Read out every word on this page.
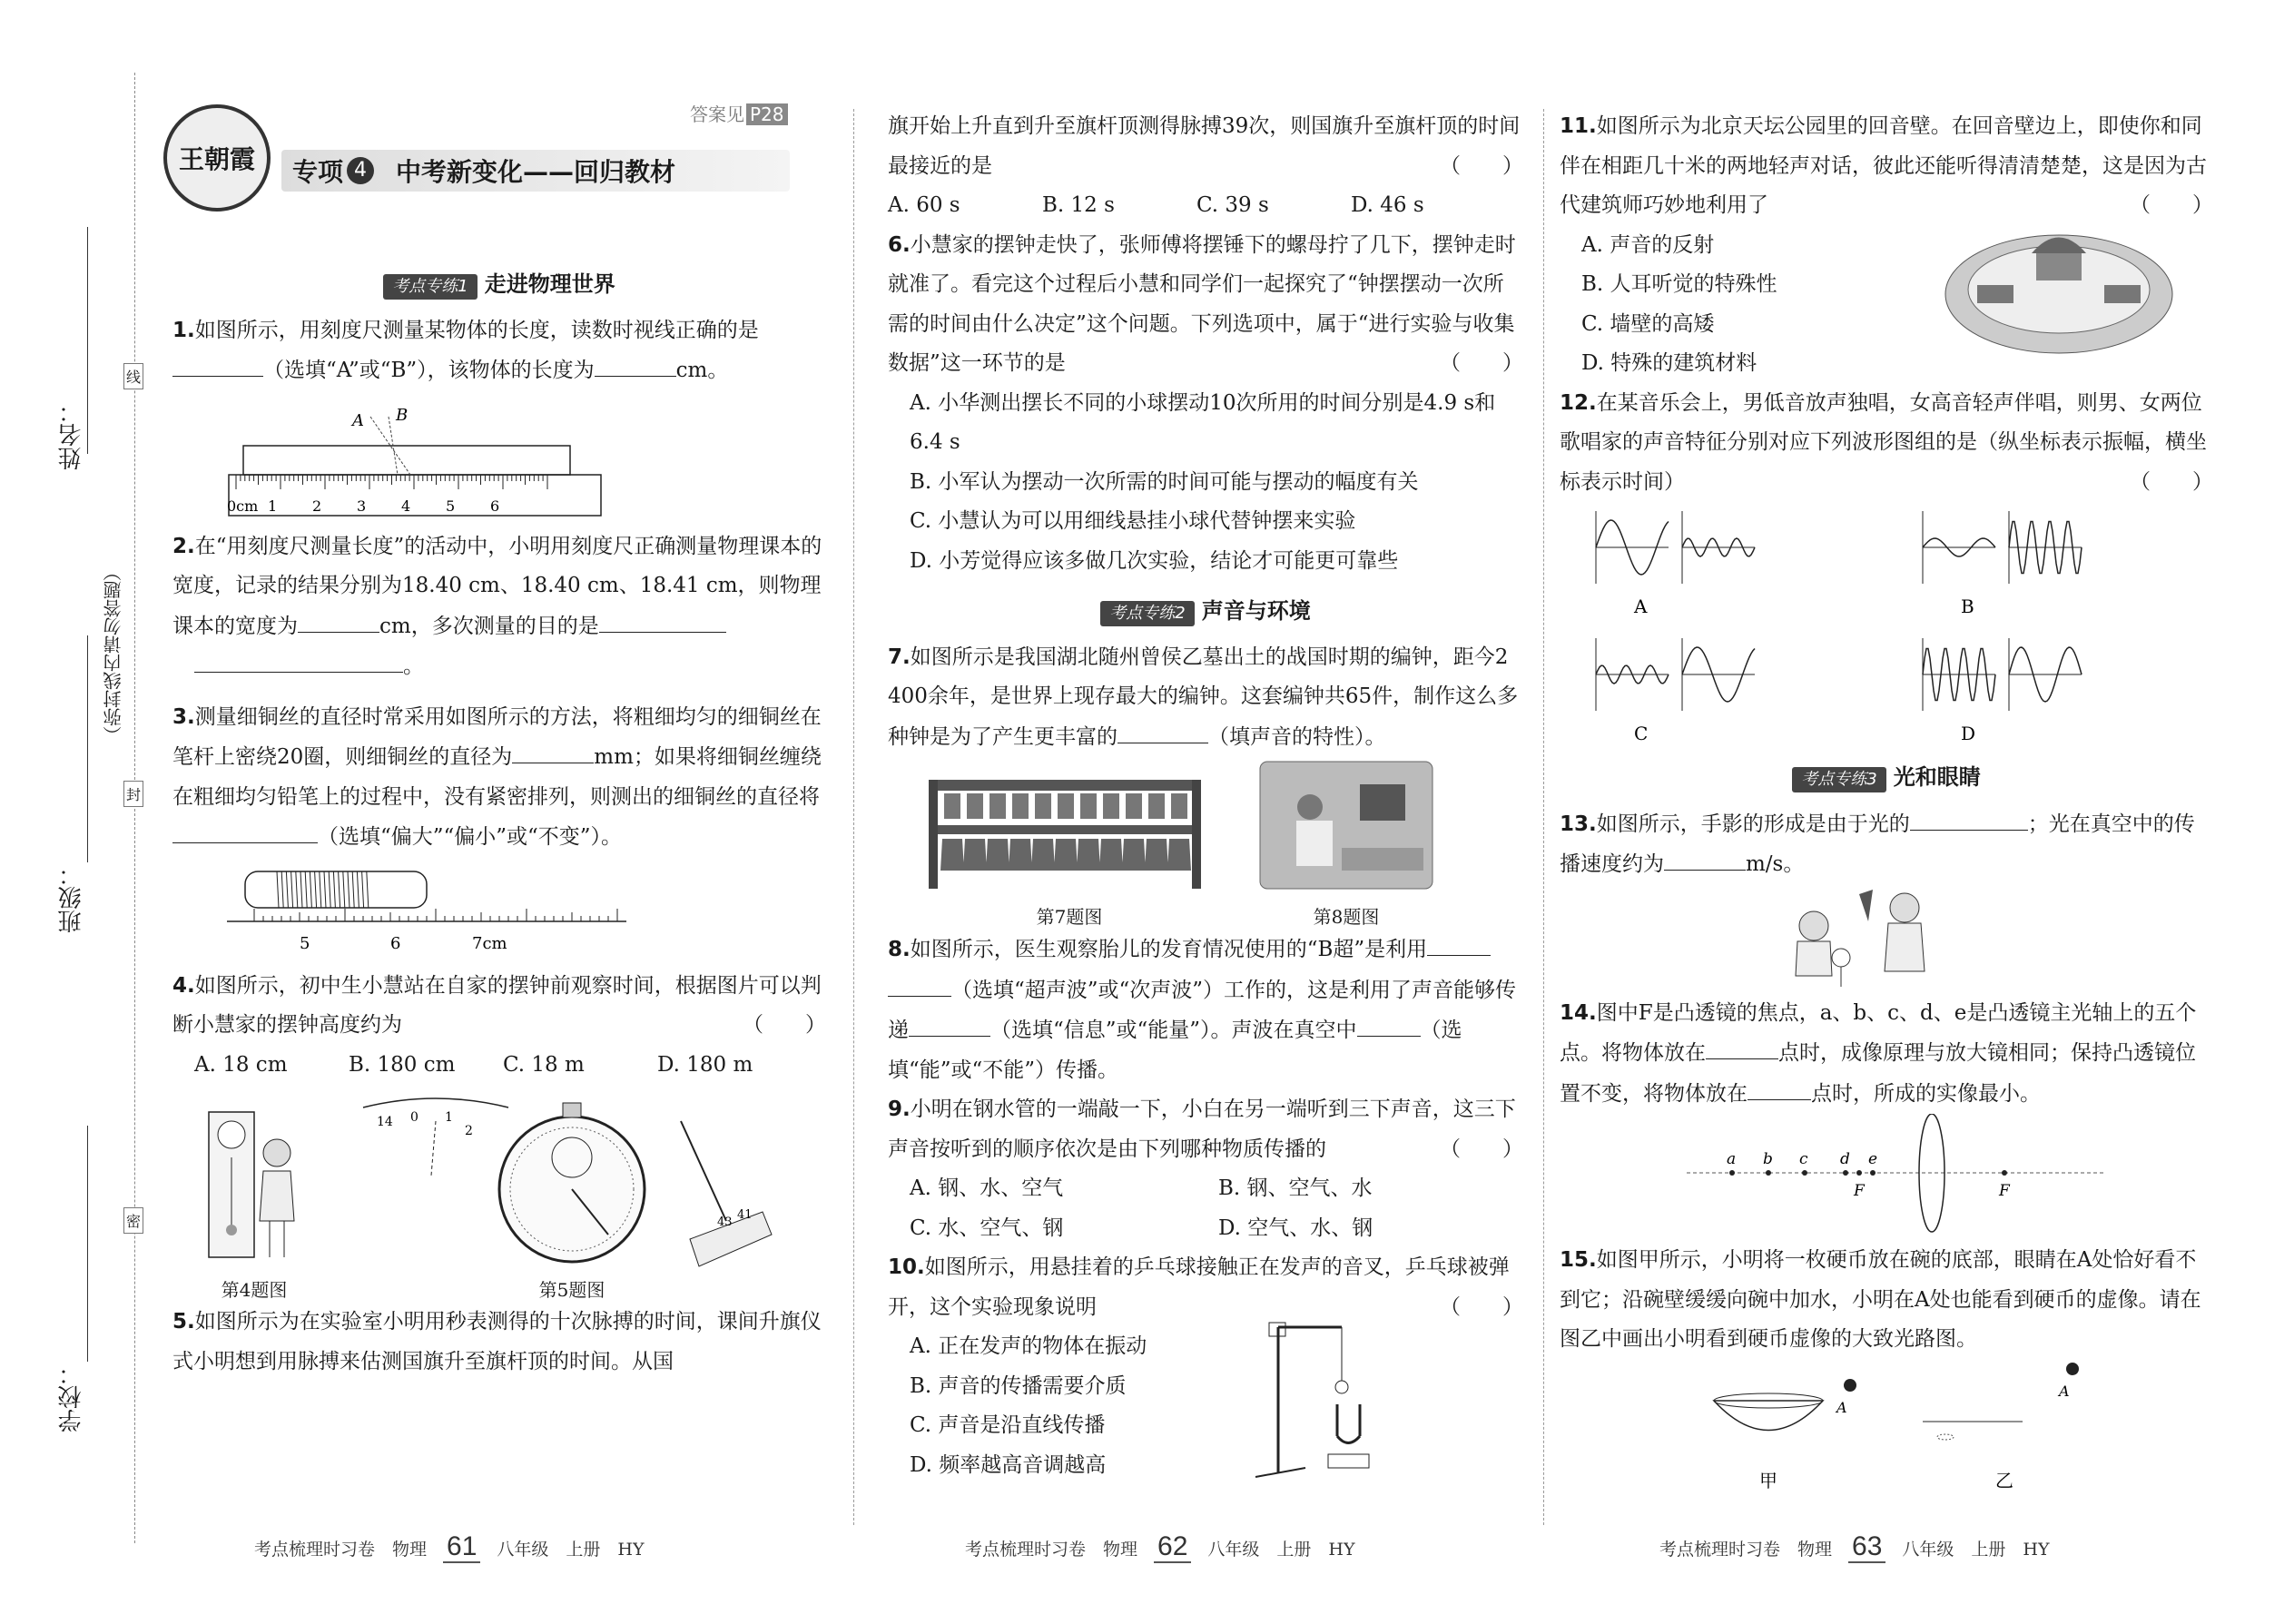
姓名：
（弥封线内请勿答题）
班级：
学校：
线
封
密
王朝霞 专项 4 中考新变化——回归教材
答案见 P28
考点专练1 走进物理世界

1.如图所示，用刻度尺测量某物体的长度，读数时视线正确的是
（选填“A”或“B”），该物体的长度为	cm。

A B
0cm 1 2 3 4 5 6

2.在“用刻度尺测量长度”的活动中，小明用刻度尺正确测量物理课本的宽度，记录的结果分别为18.40 cm、18.40 cm、18.41 cm，则物理课本的宽度为	cm，多次测量的目的是
。

3.测量细铜丝的直径时常采用如图所示的方法，将粗细均匀的细铜丝在笔杆上密绕20圈，则细铜丝的直径为	mm；如果将细铜丝缠绕在粗细均匀铅笔上的过程中，没有紧密排列，则测出的细铜丝的直径将（选填“偏大”“偏小”或“不变”）。

5	6	7cm

4.如图所示，初中生小慧站在自家的摆钟前观察时间，根据图片可以判断小慧家的摆钟高度约为	（　　）

A. 18 cm	B. 180 cm	C. 18 m	D. 180 m
14 0 1
2
43
41
第4题图	第5题图

5.如图所示为在实验室小明用秒表测得的十次脉搏的时间，课间升旗仪式小明想到用脉搏来估测国旗升至旗杆顶的时间。从国

旗开始上升直到升至旗杆顶测得脉搏39次，则国旗升至旗杆顶的时间最接近的是	（　　）

A. 60 s	B. 12 s	C. 39 s	D. 46 s

6.小慧家的摆钟走快了，张师傅将摆锤下的螺母拧了几下，摆钟走时就准了。看完这个过程后小慧和同学们一起探究了“钟摆摆动一次所需的时间由什么决定”这个问题。下列选项中，属于“进行实验与收集数据”这一环节的是	（　　）

A. 小华测出摆长不同的小球摆动10次所用的时间分别是4.9 s和6.4 s
B. 小军认为摆动一次所需的时间可能与摆动的幅度有关
C. 小慧认为可以用细线悬挂小球代替钟摆来实验
D. 小芳觉得应该多做几次实验，结论才可能更可靠些
考点专练2 声音与环境

7.如图所示是我国湖北随州曾侯乙墓出土的战国时期的编钟，距今2 400余年，是世界上现存最大的编钟。这套编钟共65件，制作这么多种钟是为了产生更丰富的	（填声音的特性）。

第7题图	第8题图

8.如图所示，医生观察胎儿的发育情况使用的“B超”是利用
（选填“超声波”或“次声波”）工作的，这是利用了声音能够传递	（选填“信息”或“能量”）。声波在真空中	（选填“能”或“不能”）传播。

9.小明在钢水管的一端敲一下，小白在另一端听到三下声音，这三下声音按听到的顺序依次是由下列哪种物质传播的	（　　）

A. 钢、水、空气	B. 钢、空气、水
C. 水、空气、钢	D. 空气、水、钢

10.如图所示，用悬挂着的乒乓球接触正在发声的音叉，乒乓球被弹开，这个实验现象说明	（　　）

A. 正在发声的物体在振动
B. 声音的传播需要介质
C. 声音是沿直线传播
D. 频率越高音调越高

11.如图所示为北京天坛公园里的回音壁。在回音壁边上，即使你和同伴在相距几十米的两地轻声对话，彼此还能听得清清楚楚，这是因为古代建筑师巧妙地利用了	（　　）

A. 声音的反射
B. 人耳听觉的特殊性
C. 墙壁的高矮
D. 特殊的建筑材料

12.在某音乐会上，男低音放声独唱，女高音轻声伴唱，则男、女两位歌唱家的声音特征分别对应下列波形图组的是（纵坐标表示振幅，横坐标表示时间）	（　　）

A	B
C	D
考点专练3 光和眼睛

13.如图所示，手影的形成是由于光的	；光在真空中的传播速度约为	m/s。

14.图中F是凸透镜的焦点，a、b、c、d、e是凸透镜主光轴上的五个点。将物体放在	点时，成像原理与放大镜相同；保持凸透镜位置不变，将物体放在	点时，所成的实像最小。

a b c d e
F	F

15.如图甲所示，小明将一枚硬币放在碗的底部，眼睛在A处恰好看不到它；沿碗壁缓缓向碗中加水，小明在A处也能看到硬币的虚像。请在图乙中画出小明看到硬币虚像的大致光路图。

A
A
甲	乙
考点梳理时习卷　物理 61 八年级　上册　HY	考点梳理时习卷　物理 62 八年级　上册　HY	考点梳理时习卷　物理 63 八年级　上册　HY
